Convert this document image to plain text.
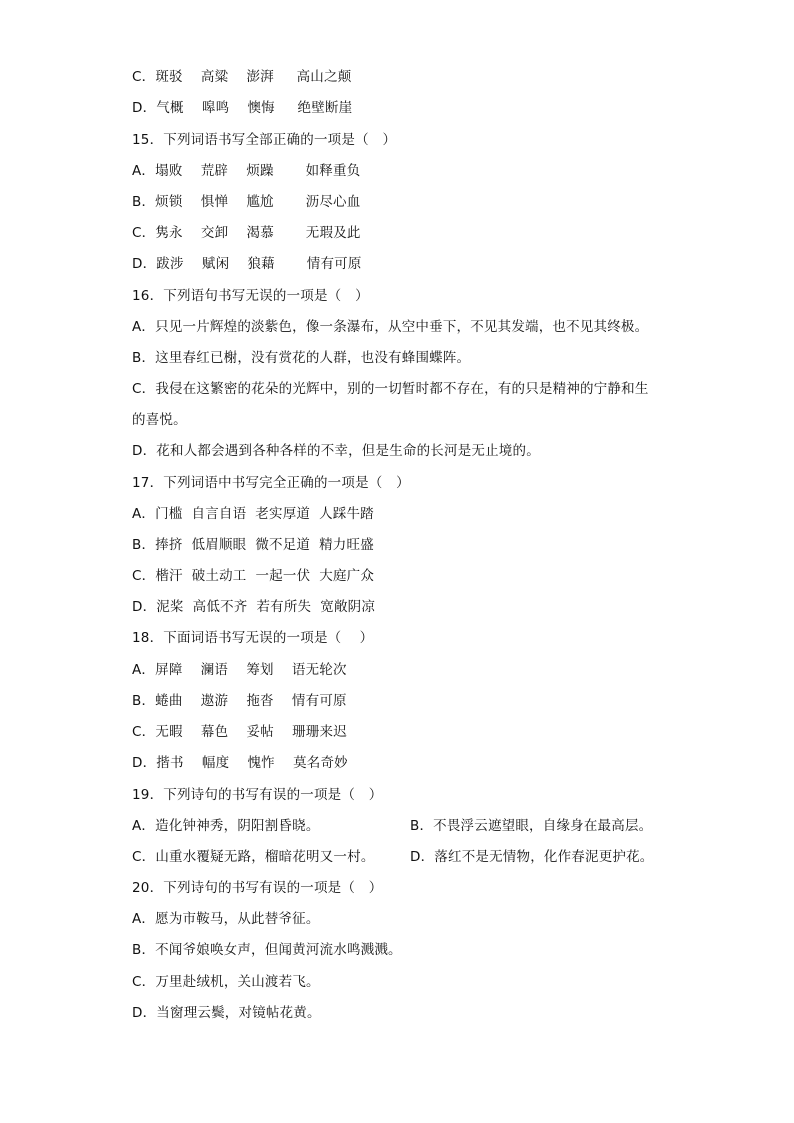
C．斑驳　 高粱　 澎湃　  高山之颠
D．气概　 嗥鸣　 懊悔　  绝壁断崖
15．下列词语书写全部正确的一项是（　）
A．塌败　 荒辟　 烦躁　　 如释重负
B．烦锁　 惧惮　 尴尬　　 沥尽心血
C．隽永　 交卸　 渴慕　　 无瑕及此
D．跋涉　 赋闲　 狼藉　　 情有可原
16．下列语句书写无误的一项是（　）
A．只见一片辉煌的淡紫色，像一条瀑布，从空中垂下，不见其发端，也不见其终极。
B．这里春红已榭，没有赏花的人群，也没有蜂围蝶阵。
C．我侵在这繁密的花朵的光辉中，别的一切暂时都不存在，有的只是精神的宁静和生
的喜悦。
D．花和人都会遇到各种各样的不幸，但是生命的长河是无止境的。
17．下列词语中书写完全正确的一项是（　）
A．门槛  自言自语  老实厚道  人踩牛踏
B．捧挤  低眉顺眼  微不足道  精力旺盛
C．楷汗  破土动工  一起一伏  大庭广众
D．泥桨  高低不齐  若有所失  宽敞阴凉
18．下面词语书写无误的一项是（　 ）
A．屏障　 澜语　 筹划　 语无轮次
B．蜷曲　 遨游　 拖沓　 情有可原
C．无暇　 幕色　 妥帖　 珊珊来迟
D．揩书　 幅度　 愧怍　 莫名奇妙
19．下列诗句的书写有误的一项是（　）
A．造化钟神秀，阴阳割昏晓。	B．不畏浮云遮望眼，自缘身在最高层。
C．山重水覆疑无路，榴暗花明又一村。	D．落红不是无情物，化作春泥更护花。
20．下列诗句的书写有误的一项是（　）
A．愿为市鞍马，从此替爷征。
B．不闻爷娘唤女声，但闻黄河流水鸣溅溅。
C．万里赴绒机，关山渡若飞。
D．当窗理云鬓，对镜帖花黄。
